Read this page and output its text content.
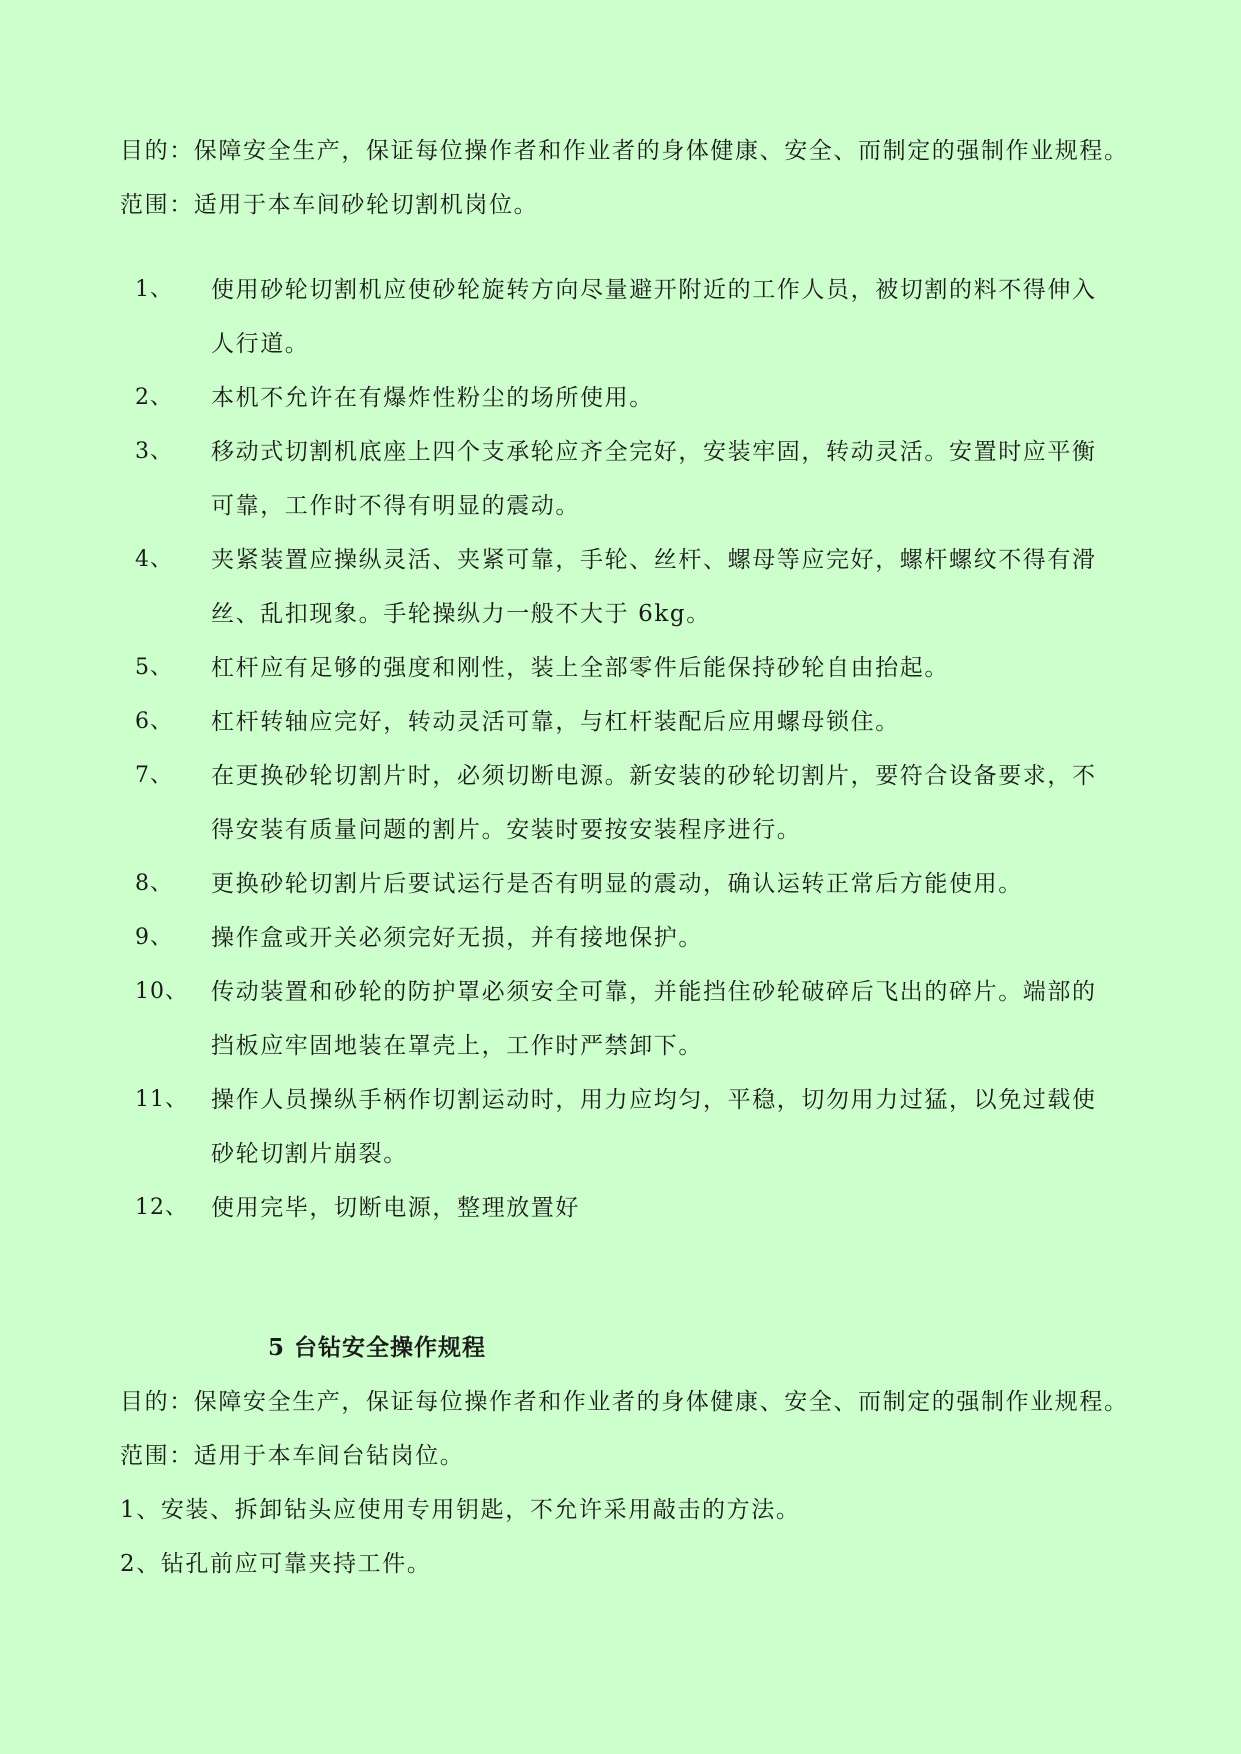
目的：保障安全生产，保证每位操作者和作业者的身体健康、安全、而制定的强制作业规程。
范围：适用于本车间砂轮切割机岗位。
1、 使用砂轮切割机应使砂轮旋转方向尽量避开附近的工作人员，被切割的料不得伸入
人行道。
2、 本机不允许在有爆炸性粉尘的场所使用。
3、 移动式切割机底座上四个支承轮应齐全完好，安装牢固，转动灵活。安置时应平衡
可靠，工作时不得有明显的震动。
4、 夹紧装置应操纵灵活、夹紧可靠，手轮、丝杆、螺母等应完好，螺杆螺纹不得有滑
丝、乱扣现象。手轮操纵力一般不大于 6kg。
5、 杠杆应有足够的强度和刚性，装上全部零件后能保持砂轮自由抬起。
6、 杠杆转轴应完好，转动灵活可靠，与杠杆装配后应用螺母锁住。
7、 在更换砂轮切割片时，必须切断电源。新安装的砂轮切割片，要符合设备要求，不
得安装有质量问题的割片。安装时要按安装程序进行。
8、 更换砂轮切割片后要试运行是否有明显的震动，确认运转正常后方能使用。
9、 操作盒或开关必须完好无损，并有接地保护。
10、 传动装置和砂轮的防护罩必须安全可靠，并能挡住砂轮破碎后飞出的碎片。端部的
挡板应牢固地装在罩壳上，工作时严禁卸下。
11、 操作人员操纵手柄作切割运动时，用力应均匀，平稳，切勿用力过猛，以免过载使
砂轮切割片崩裂。
12、 使用完毕，切断电源，整理放置好
5 台钻安全操作规程
目的：保障安全生产，保证每位操作者和作业者的身体健康、安全、而制定的强制作业规程。
范围：适用于本车间台钻岗位。
1、安装、拆卸钻头应使用专用钥匙，不允许采用敲击的方法。
2、钻孔前应可靠夹持工件。
